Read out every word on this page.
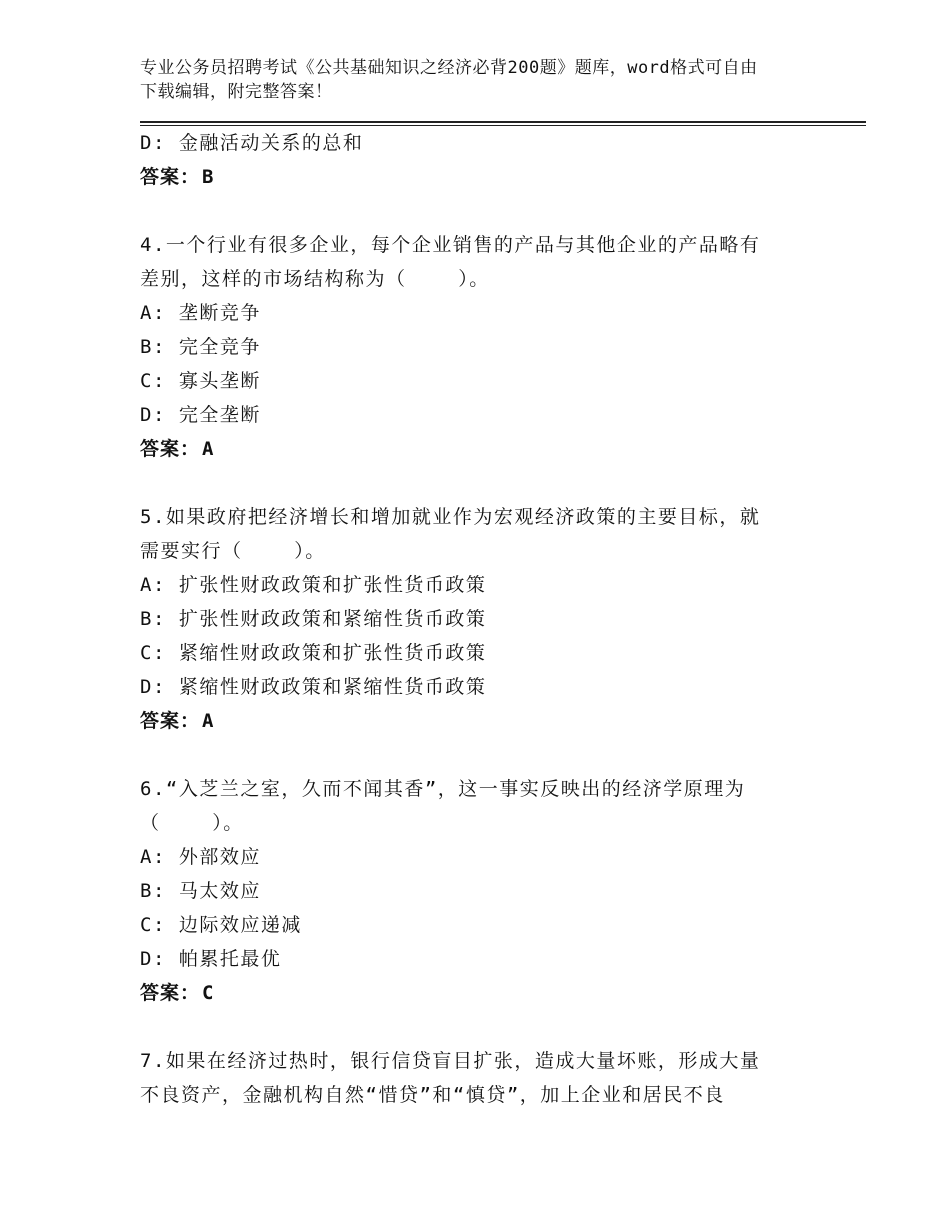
专业公务员招聘考试《公共基础知识之经济必背200题》题库，word格式可自由
下载编辑，附完整答案！
D: 金融活动关系的总和
答案： B
4.一个行业有很多企业，每个企业销售的产品与其他企业的产品略有
差别，这样的市场结构称为（    ）。
A: 垄断竞争
B: 完全竞争
C: 寡头垄断
D: 完全垄断
答案： A
5.如果政府把经济增长和增加就业作为宏观经济政策的主要目标，就
需要实行（    ）。
A: 扩张性财政政策和扩张性货币政策
B: 扩张性财政政策和紧缩性货币政策
C: 紧缩性财政政策和扩张性货币政策
D: 紧缩性财政政策和紧缩性货币政策
答案： A
6.“入芝兰之室，久而不闻其香”，这一事实反映出的经济学原理为
（    ）。
A: 外部效应
B: 马太效应
C: 边际效应递减
D: 帕累托最优
答案： C
7.如果在经济过热时，银行信贷盲目扩张，造成大量坏账，形成大量
不良资产，金融机构自然“惜贷”和“慎贷”，加上企业和居民不良
